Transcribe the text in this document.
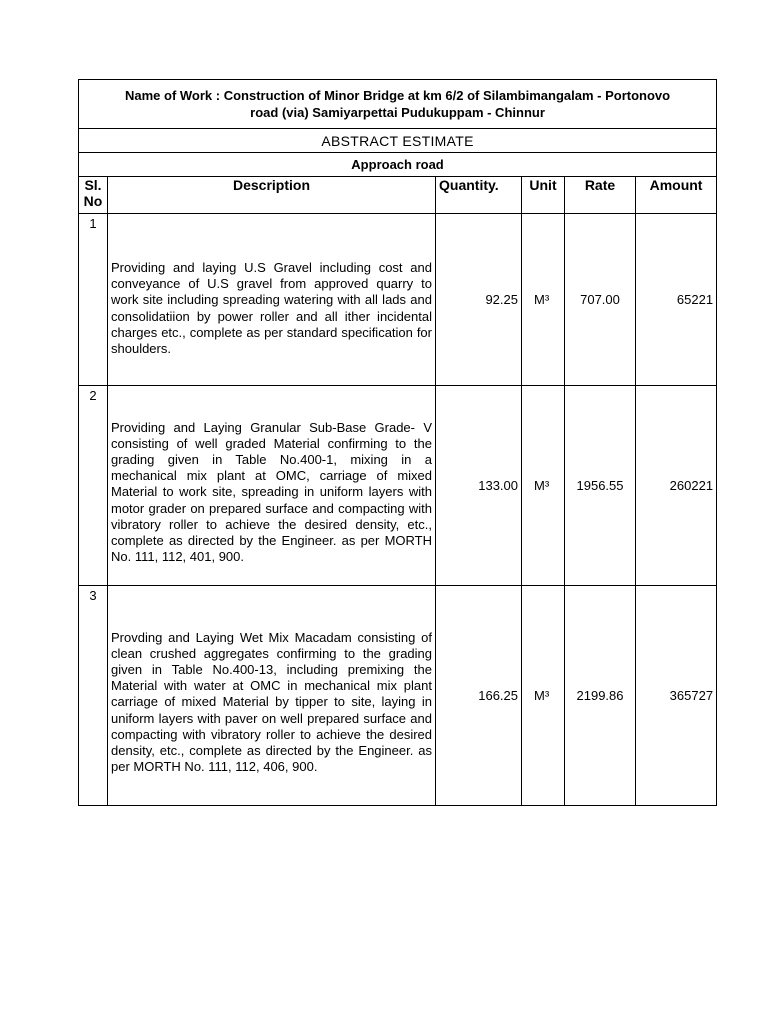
Name of Work : Construction of Minor Bridge at km 6/2 of Silambimangalam - Portonovo
road (via) Samiyarpettai Pudukuppam - Chinnur					

ABSTRACT ESTIMATE					
Approach road					
Sl.
No	Description	Quantity.	Unit	Rate	Amount
1	Providing and laying U.S Gravel including cost and conveyance of U.S gravel from approved quarry to work site including spreading watering with all lads and consolidatiion by power roller and all ither incidental charges etc., complete as per standard specification for shoulders.	92.25	M³	707.00	65221
2	Providing and Laying Granular Sub-Base Grade- V consisting of well graded Material confirming to the grading given in Table No.400-1, mixing in a mechanical mix plant at OMC, carriage of mixed Material to work site, spreading in uniform layers with motor grader on prepared surface and compacting with vibratory roller to achieve the desired density, etc., complete as directed by the Engineer. as per MORTH No. 111, 112, 401, 900.	133.00	M³	1956.55	260221
3	Provding and Laying Wet Mix Macadam consisting of clean crushed aggregates confirming to the grading given in Table No.400-13, including premixing the Material with water at OMC in mechanical mix plant carriage of mixed Material by tipper to site, laying in uniform layers with paver on well prepared surface and compacting with vibratory roller to achieve the desired density, etc., complete as directed by the Engineer. as per MORTH No. 111, 112, 406, 900.	166.25	M³	2199.86	365727
